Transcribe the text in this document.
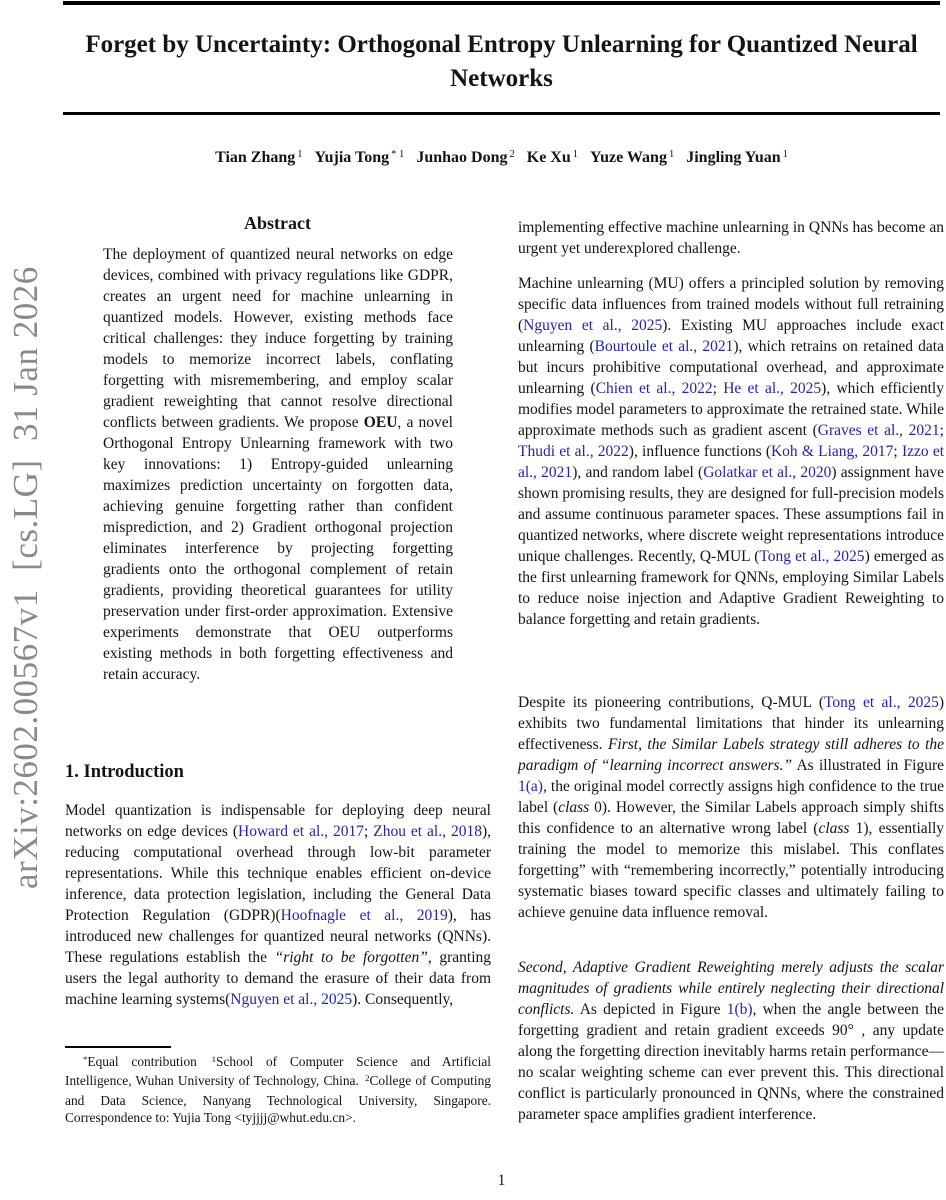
arXiv:2602.00567v1  [cs.LG]  31 Jan 2026
Forget by Uncertainty: Orthogonal Entropy Unlearning for Quantized Neural
Networks
Tian Zhang $^1$ Yujia Tong $^{* 1}$ Junhao Dong $^2$ Ke Xu $^1$ Yuze Wang $^1$ Jingling Yuan $^1$
Abstract

The deployment of quantized neural networks on edge devices, combined with privacy regulations like GDPR, creates an urgent need for machine unlearning in quantized models. However, existing methods face critical challenges: they induce forgetting by training models to memorize incorrect labels, conflating forgetting with misremembering, and employ scalar gradient reweighting that cannot resolve directional conflicts between gradients. We propose OEU, a novel Orthogonal Entropy Unlearning framework with two key innovations: 1) Entropy-guided unlearning maximizes prediction uncertainty on forgotten data, achieving genuine forgetting rather than confident misprediction, and 2) Gradient orthogonal projection eliminates interference by projecting forgetting gradients onto the orthogonal complement of retain gradients, providing theoretical guarantees for utility preservation under first-order approximation. Extensive experiments demonstrate that OEU outperforms existing methods in both forgetting effectiveness and retain accuracy.

1. Introduction

Model quantization is indispensable for deploying deep neural networks on edge devices (Howard et al., 2017; Zhou et al., 2018), reducing computational overhead through low-bit parameter representations. While this technique enables efficient on-device inference, data protection legislation, including the General Data Protection Regulation (GDPR)(Hoofnagle et al., 2019), has introduced new challenges for quantized neural networks (QNNs). These regulations establish the “right to be forgotten”, granting users the legal authority to demand the erasure of their data from machine learning systems(Nguyen et al., 2025). Consequently,

*Equal contribution $^1$School of Computer Science and Artificial Intelligence, Wuhan University of Technology, China. $^2$College of Computing and Data Science, Nanyang Technological University, Singapore. Correspondence to: Yujia Tong <tyjjjj@whut.edu.cn>.

implementing effective machine unlearning in QNNs has become an urgent yet underexplored challenge.

Machine unlearning (MU) offers a principled solution by removing specific data influences from trained models without full retraining (Nguyen et al., 2025). Existing MU approaches include exact unlearning (Bourtoule et al., 2021), which retrains on retained data but incurs prohibitive computational overhead, and approximate unlearning (Chien et al., 2022; He et al., 2025), which efficiently modifies model parameters to approximate the retrained state. While approximate methods such as gradient ascent (Graves et al., 2021; Thudi et al., 2022), influence functions (Koh & Liang, 2017; Izzo et al., 2021), and random label (Golatkar et al., 2020) assignment have shown promising results, they are designed for full-precision models and assume continuous parameter spaces. These assumptions fail in quantized networks, where discrete weight representations introduce unique challenges. Recently, Q-MUL (Tong et al., 2025) emerged as the first unlearning framework for QNNs, employing Similar Labels to reduce noise injection and Adaptive Gradient Reweighting to balance forgetting and retain gradients.

Despite its pioneering contributions, Q-MUL (Tong et al., 2025) exhibits two fundamental limitations that hinder its unlearning effectiveness. First, the Similar Labels strategy still adheres to the paradigm of “learning incorrect answers.” As illustrated in Figure 1(a), the original model correctly assigns high confidence to the true label (class 0). However, the Similar Labels approach simply shifts this confidence to an alternative wrong label (class 1), essentially training the model to memorize this mislabel. This conflates forgetting” with “remembering incorrectly,” potentially introducing systematic biases toward specific classes and ultimately failing to achieve genuine data influence removal.

Second, Adaptive Gradient Reweighting merely adjusts the scalar magnitudes of gradients while entirely neglecting their directional conflicts. As depicted in Figure 1(b), when the angle between the forgetting gradient and retain gradient exceeds 90° , any update along the forgetting direction inevitably harms retain performance—no scalar weighting scheme can ever prevent this. This directional conflict is particularly pronounced in QNNs, where the constrained parameter space amplifies gradient interference.

1
